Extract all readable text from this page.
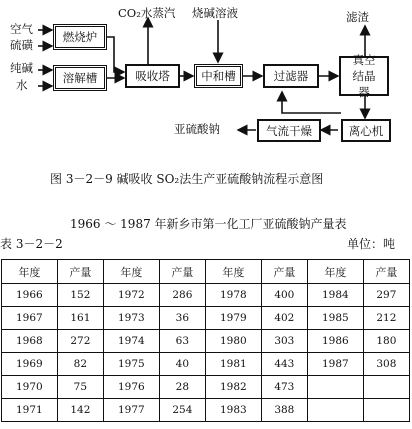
空气
硫磺
纯碱
水
燃烧炉
溶解槽	吸收塔	中和槽	过滤器
真空结晶器
离心机
气流干燥
CO₂水蒸汽 烧碱溶液	滤渣
亚硫酸钠
图 3－2－9 碱吸收 SO₂法生产亚硫酸钠流程示意图
1966 ～ 1987 年新乡市第一化工厂亚硫酸钠产量表
表 3－2－2	单位：吨
年度	产量	年度	产量	年度	产量	年度	产量
1966	152	1972	286	1978	400	1984	297
1967	161	1973	36	1979	402	1985	212
1968	272	1974	63	1980	303	1986	180
1969	82	1975	40	1981	443	1987	308
1970	75	1976	28	1982	473		
1971	142	1977	254	1983	388		
